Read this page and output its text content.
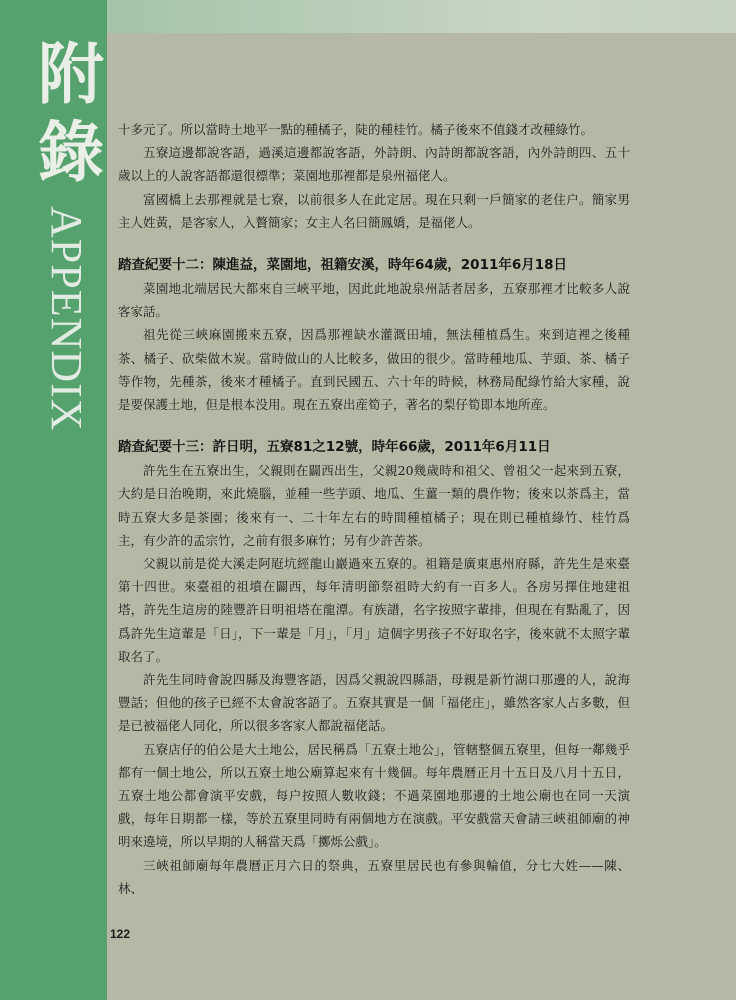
附
錄
APPENDIX

十多元了。所以當時土地平一點的種橘子，陡的種桂竹。橘子後來不值錢才改種綠竹。

五寮這邊都說客語，過溪這邊都說客語，外詩朗、內詩朗都說客語，內外詩朗四、五十歲以上的人說客語都還很標準；菜園地那裡都是泉州福佬人。

富國橋上去那裡就是七寮，以前很多人在此定居。現在只剩一戶簡家的老住户。簡家男主人姓黃，是客家人，入贅簡家；女主人名曰簡鳳嬌，是福佬人。

踏查紀要十二：陳進益，菜園地，祖籍安溪，時年64歲，2011年6月18日

菜園地北端居民大都來自三峽平地，因此此地說泉州話者居多，五寮那裡才比較多人說客家話。

祖先從三峽麻園搬來五寮，因爲那裡缺水灌溉田埔，無法種植爲生。來到這裡之後種茶、橘子、砍柴做木炭。當時做山的人比較多，做田的很少。當時種地瓜、芋頭、茶、橘子等作物，先種茶，後來才種橘子。直到民國五、六十年的時候，林務局配綠竹給大家種，說是要保護土地，但是根本没用。現在五寮出産筍子，著名的梨仔筍即本地所産。

踏查紀要十三：許日明，五寮81之12號，時年66歲，2011年6月11日

許先生在五寮出生，父親則在闢西出生，父親20幾歲時和祖父、曾祖父一起來到五寮，大約是日治晚期，來此燒腦，並種一些芋頭、地瓜、生薑一類的農作物；後來以茶爲主，當時五寮大多是茶園；後來有一、二十年左右的時間種植橘子；現在則已種植綠竹、桂竹爲主，有少許的孟宗竹，之前有很多麻竹；另有少許苦茶。

父親以前是從大溪走阿屘坑經龍山巖過來五寮的。祖籍是廣東惠州府縣，許先生是來臺第十四世。來臺祖的祖墳在闢西，每年清明節祭祖時大約有一百多人。各房另擇住地建祖塔，許先生這房的陸豐許日明祖塔在龍潭。有族譜，名字按照字輩排，但現在有點亂了，因爲許先生這輩是「日」，下一輩是「月」，「月」這個字男孩子不好取名字，後來就不太照字輩取名了。

許先生同時會說四縣及海豐客語，因爲父親說四縣語，母親是新竹湖口那邊的人，說海豐話；但他的孩子已經不太會說客語了。五寮其實是一個「福佬庄」，雖然客家人占多數，但是已被福佬人同化，所以很多客家人都說福佬話。

五寮店仔的伯公是大土地公，居民稱爲「五寮土地公」，管轄整個五寮里，但每一鄰幾乎都有一個土地公，所以五寮土地公廟算起來有十幾個。每年農曆正月十五日及八月十五日，五寮土地公都會演平安戲，每户按照人數收錢；不過菜園地那邊的土地公廟也在同一天演戲，每年日期都一樣，等於五寮里同時有兩個地方在演戲。平安戲當天會請三峽祖師廟的神明來遶境，所以早期的人稱當天爲「擲烁公戲」。

三峽祖師廟每年農曆正月六日的祭典，五寮里居民也有參與輪值，分七大姓——陳、林、

122
